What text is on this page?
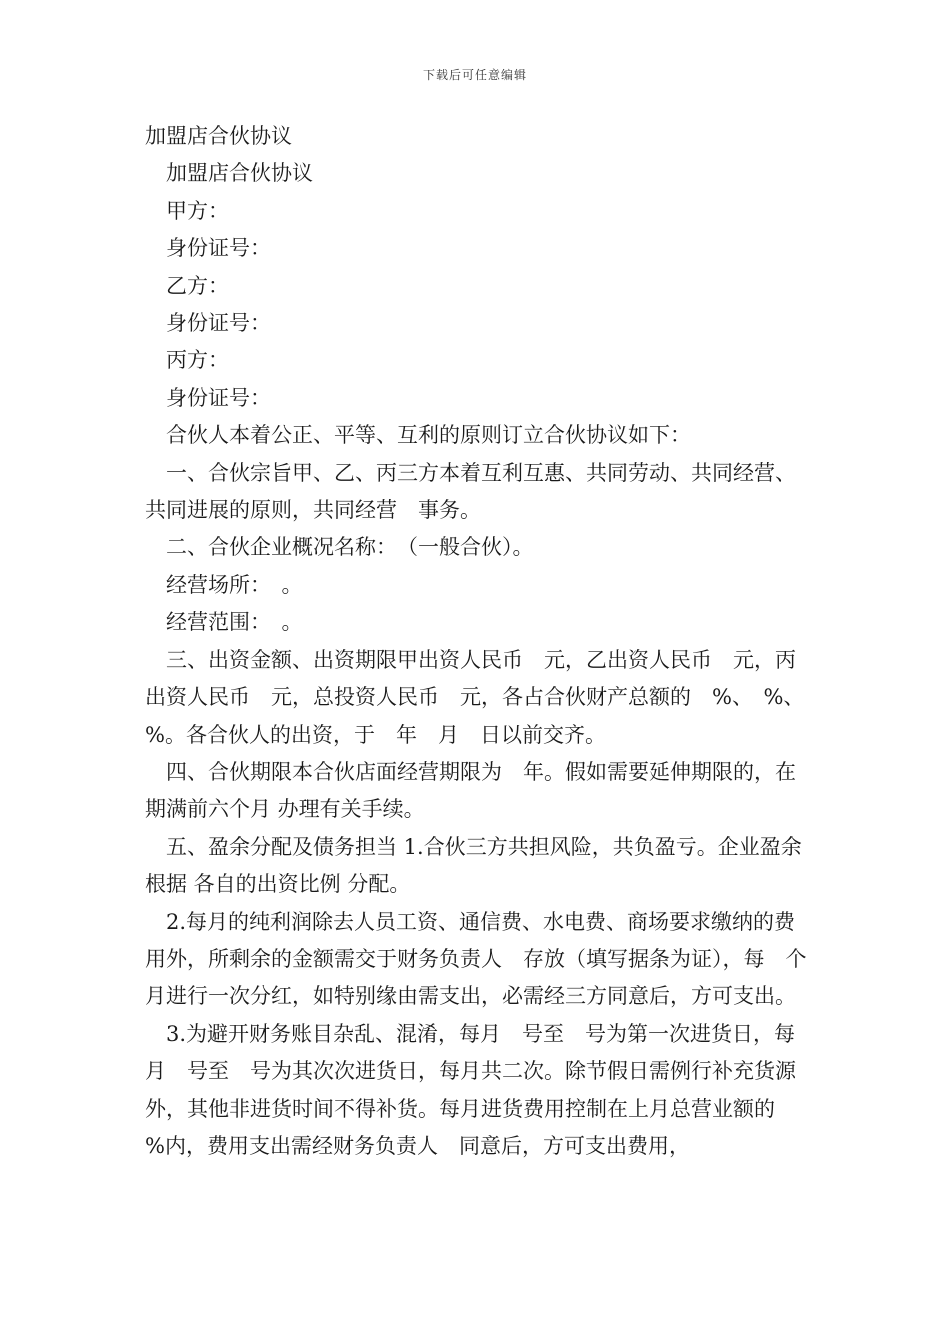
下载后可任意编辑

加盟店合伙协议

加盟店合伙协议

甲方：

身份证号：

乙方：

身份证号：

丙方：

身份证号：

合伙人本着公正、平等、互利的原则订立合伙协议如下：

一、合伙宗旨甲、乙、丙三方本着互利互惠、共同劳动、共同经营、共同进展的原则，共同经营　事务。

二、合伙企业概况名称：　（一般合伙）。

经营场所：　。

经营范围：　。

三、出资金额、出资期限甲出资人民币　元，乙出资人民币　元，丙出资人民币　元，总投资人民币　元，各占合伙财产总额的　%、　%、　%。各合伙人的出资，于　年　月　日以前交齐。

四、合伙期限本合伙店面经营期限为　年。假如需要延伸期限的，在 期满前六个月 办理有关手续。

五、盈余分配及债务担当 1.合伙三方共担风险，共负盈亏。企业盈余根据 各自的出资比例 分配。

2.每月的纯利润除去人员工资、通信费、水电费、商场要求缴纳的费用外，所剩余的金额需交于财务负责人　存放（填写据条为证），每　个月进行一次分红，如特别缘由需支出，必需经三方同意后，方可支出。

3.为避开财务账目杂乱、混淆，每月　号至　号为第一次进货日，每月　号至　号为其次次进货日，每月共二次。除节假日需例行补充货源外，其他非进货时间不得补货。每月进货费用控制在上月总营业额的　%内，费用支出需经财务负责人　同意后，方可支出费用，
